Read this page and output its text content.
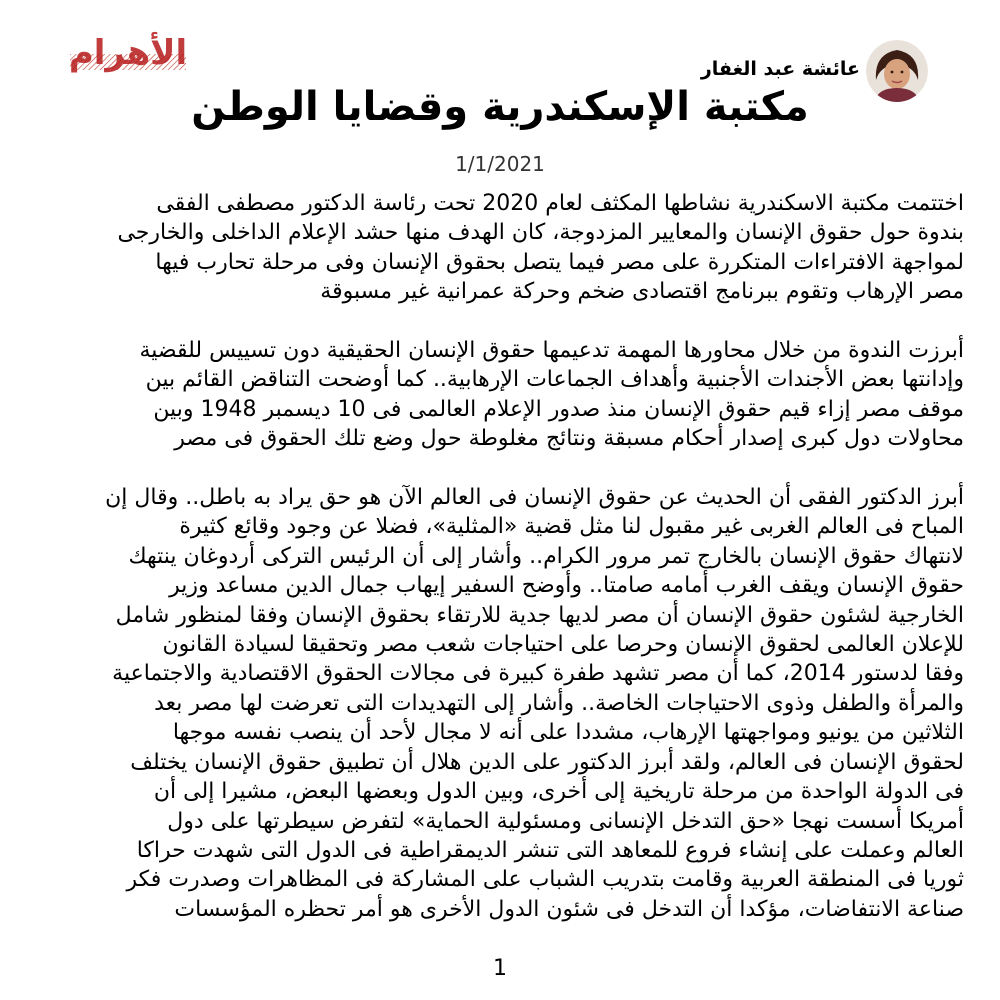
الأهرام	عائشة عبد الغفار
مكتبة الإسكندرية وقضايا الوطن
1/1/2021
اختتمت مكتبة الاسكندرية نشاطها المكثف لعام 2020 تحت رئاسة الدكتور مصطفى الفقى
بندوة حول حقوق الإنسان والمعايير المزدوجة، كان الهدف منها حشد الإعلام الداخلى والخارجى
لمواجهة الافتراءات المتكررة على مصر فيما يتصل بحقوق الإنسان وفى مرحلة تحارب فيها
مصر الإرهاب وتقوم ببرنامج اقتصادى ضخم وحركة عمرانية غير مسبوقة
أبرزت الندوة من خلال محاورها المهمة تدعيمها حقوق الإنسان الحقيقية دون تسييس للقضية
وإدانتها بعض الأجندات الأجنبية وأهداف الجماعات الإرهابية.. كما أوضحت التناقض القائم بين
موقف مصر إزاء قيم حقوق الإنسان منذ صدور الإعلام العالمى فى 10 ديسمبر 1948 وبين
محاولات دول كبرى إصدار أحكام مسبقة ونتائج مغلوطة حول وضع تلك الحقوق فى مصر
أبرز الدكتور الفقى أن الحديث عن حقوق الإنسان فى العالم الآن هو حق يراد به باطل.. وقال إن
المباح فى العالم الغربى غير مقبول لنا مثل قضية «المثلية»، فضلا عن وجود وقائع كثيرة
لانتهاك حقوق الإنسان بالخارج تمر مرور الكرام.. وأشار إلى أن الرئيس التركى أردوغان ينتهك
حقوق الإنسان ويقف الغرب أمامه صامتا.. وأوضح السفير إيهاب جمال الدين مساعد وزير
الخارجية لشئون حقوق الإنسان أن مصر لديها جدية للارتقاء بحقوق الإنسان وفقا لمنظور شامل
للإعلان العالمى لحقوق الإنسان وحرصا على احتياجات شعب مصر وتحقيقا لسيادة القانون
وفقا لدستور 2014، كما أن مصر تشهد طفرة كبيرة فى مجالات الحقوق الاقتصادية والاجتماعية
والمرأة والطفل وذوى الاحتياجات الخاصة.. وأشار إلى التهديدات التى تعرضت لها مصر بعد
الثلاثين من يونيو ومواجهتها الإرهاب، مشددا على أنه لا مجال لأحد أن ينصب نفسه موجها
لحقوق الإنسان فى العالم، ولقد أبرز الدكتور على الدين هلال أن تطبيق حقوق الإنسان يختلف
فى الدولة الواحدة من مرحلة تاريخية إلى أخرى، وبين الدول وبعضها البعض، مشيرا إلى أن
أمريكا أسست نهجا «حق التدخل الإنسانى ومسئولية الحماية» لتفرض سيطرتها على دول
العالم وعملت على إنشاء فروع للمعاهد التى تنشر الديمقراطية فى الدول التى شهدت حراكا
ثوريا فى المنطقة العربية وقامت بتدريب الشباب على المشاركة فى المظاهرات وصدرت فكر
صناعة الانتفاضات، مؤكدا أن التدخل فى شئون الدول الأخرى هو أمر تحظره المؤسسات
1
